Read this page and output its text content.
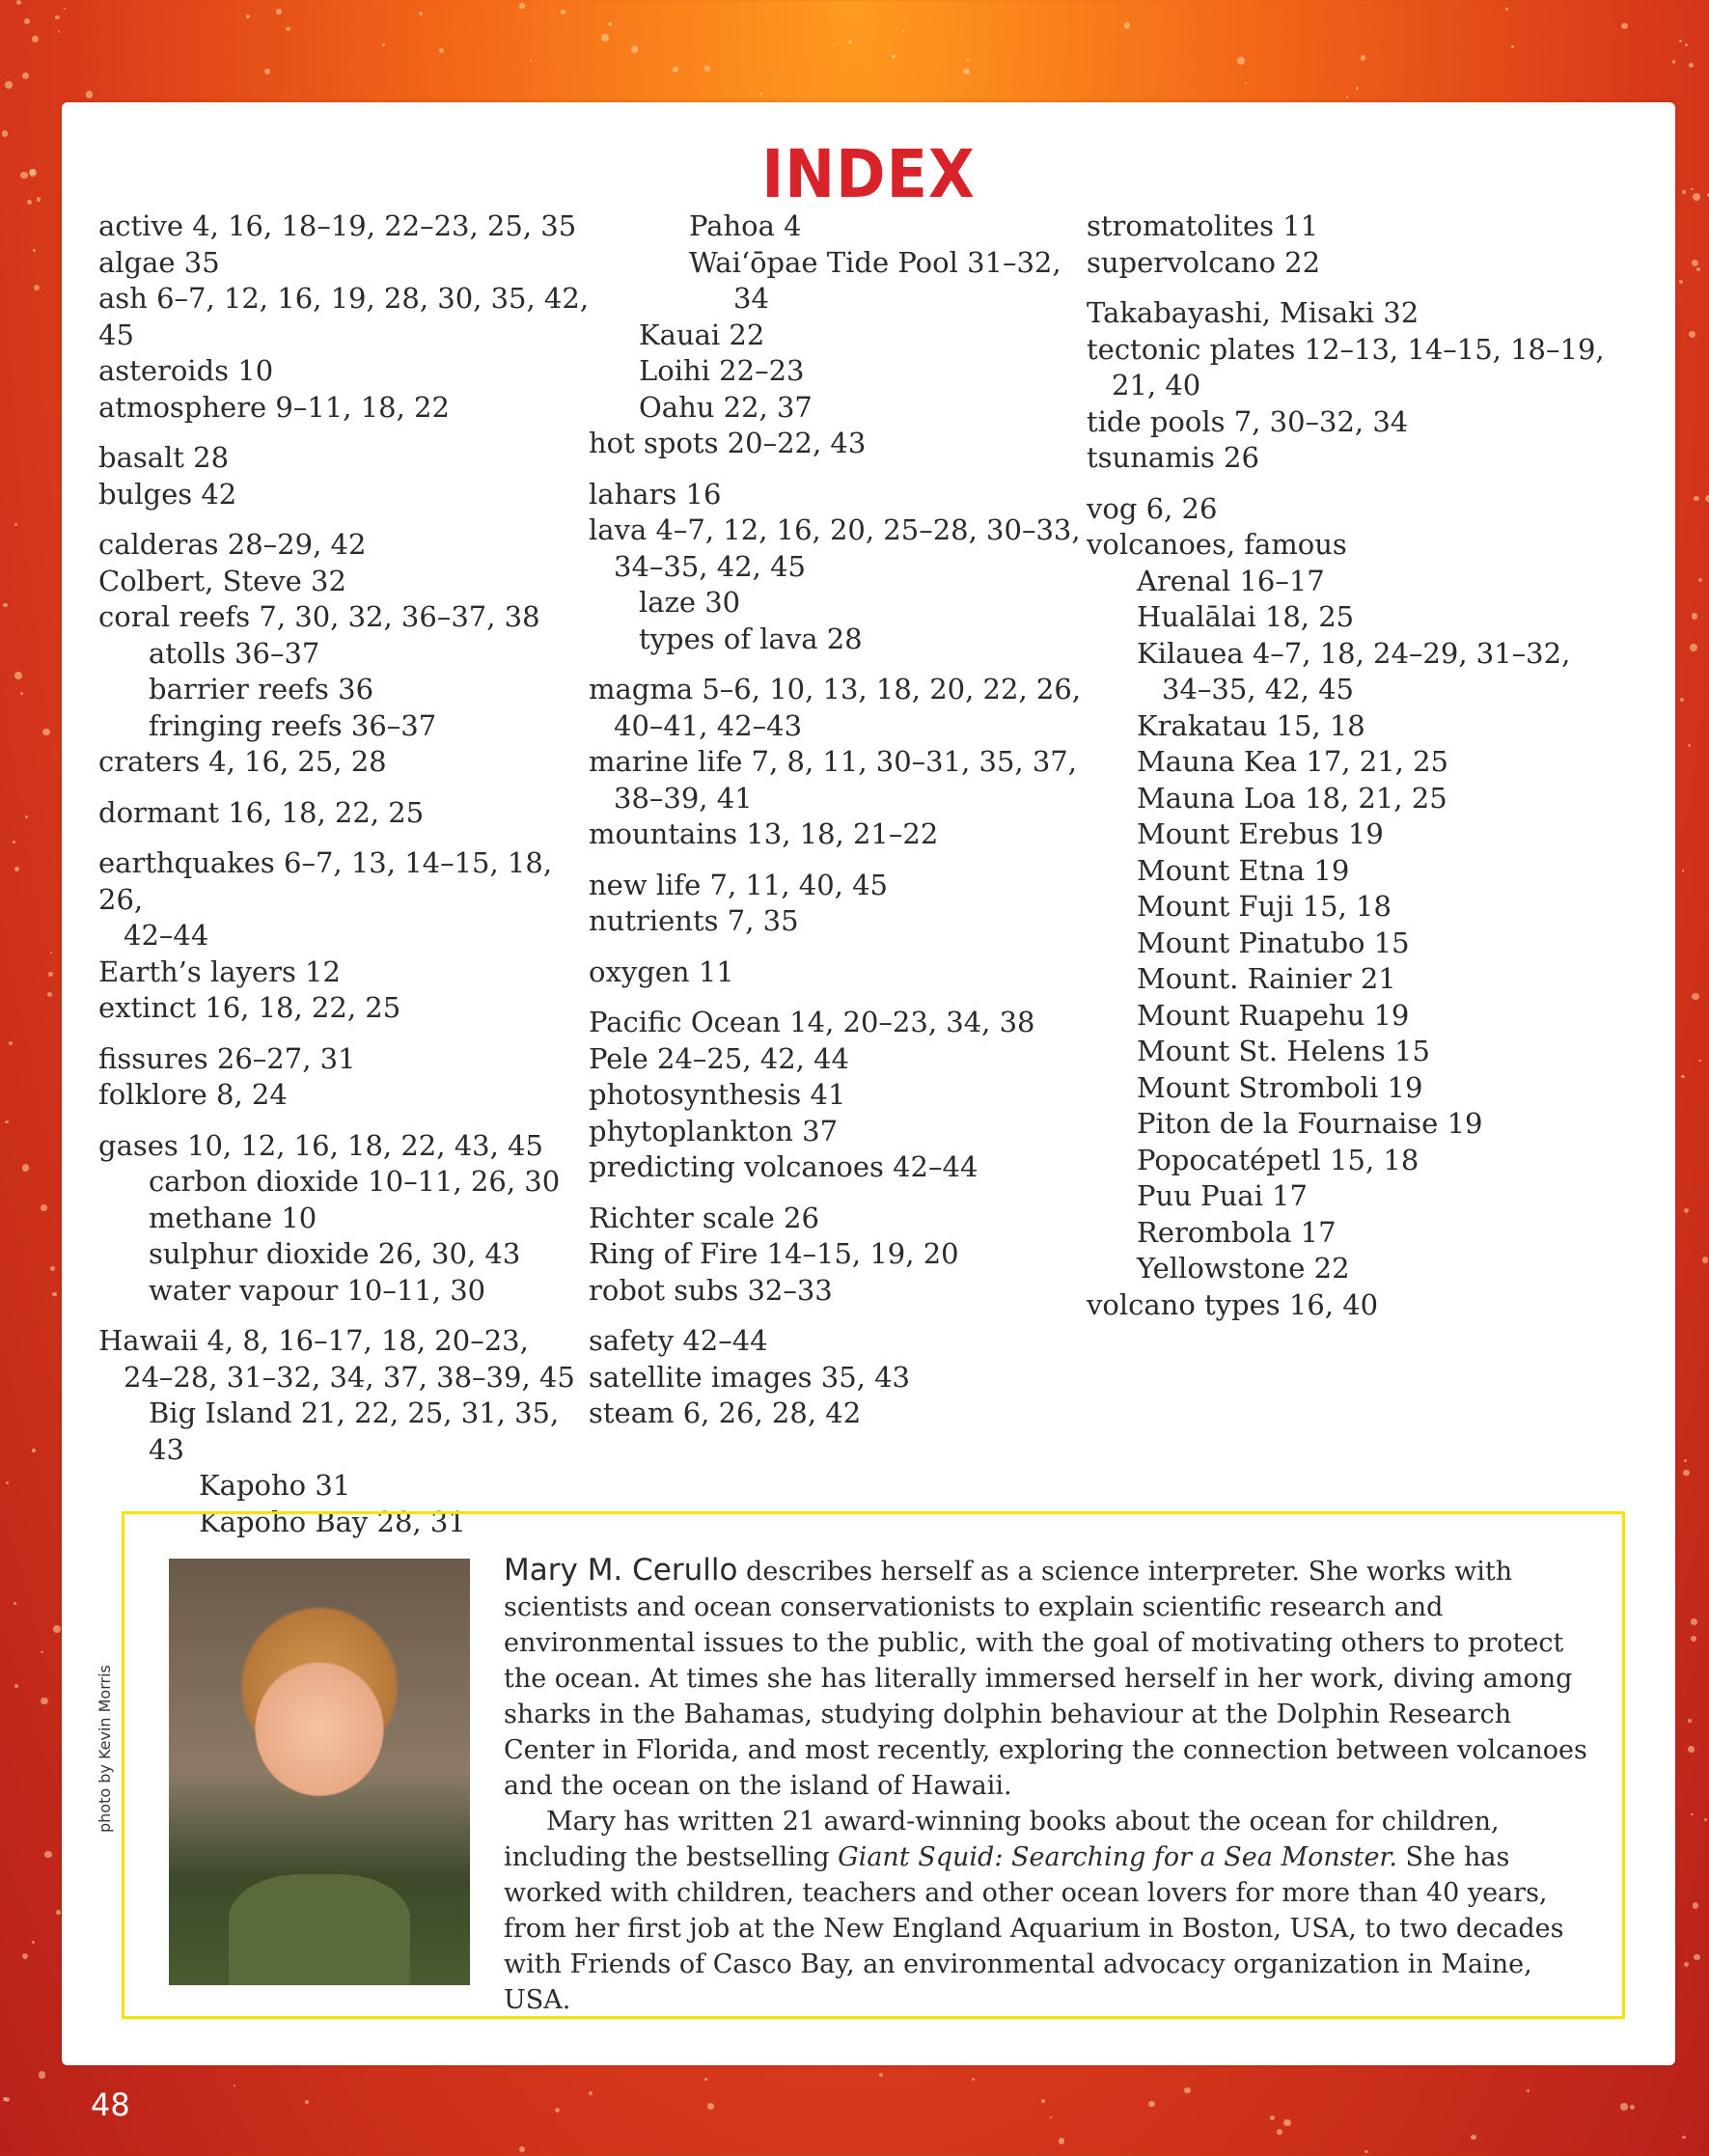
INDEX
active 4, 16, 18–19, 22–23, 25, 35
algae 35
ash 6–7, 12, 16, 19, 28, 30, 35, 42, 45
asteroids 10
atmosphere 9–11, 18, 22
basalt 28
bulges 42
calderas 28–29, 42
Colbert, Steve 32
coral reefs 7, 30, 32, 36–37, 38
atolls 36–37
barrier reefs 36
fringing reefs 36–37
craters 4, 16, 25, 28
dormant 16, 18, 22, 25
earthquakes 6–7, 13, 14–15, 18, 26,
42–44
Earth’s layers 12
extinct 16, 18, 22, 25
fissures 26–27, 31
folklore 8, 24
gases 10, 12, 16, 18, 22, 43, 45
carbon dioxide 10–11, 26, 30
methane 10
sulphur dioxide 26, 30, 43
water vapour 10–11, 30
Hawaii 4, 8, 16–17, 18, 20–23,
24–28, 31–32, 34, 37, 38–39, 45
Big Island 21, 22, 25, 31, 35, 43
Kapoho 31
Kapoho Bay 28, 31
Pahoa 4
Wai‘ōpae Tide Pool 31–32,
34
Kauai 22
Loihi 22–23
Oahu 22, 37
hot spots 20–22, 43
lahars 16
lava 4–7, 12, 16, 20, 25–28, 30–33,
34–35, 42, 45
laze 30
types of lava 28
magma 5–6, 10, 13, 18, 20, 22, 26,
40–41, 42–43
marine life 7, 8, 11, 30–31, 35, 37,
38–39, 41
mountains 13, 18, 21–22
new life 7, 11, 40, 45
nutrients 7, 35
oxygen 11
Pacific Ocean 14, 20–23, 34, 38
Pele 24–25, 42, 44
photosynthesis 41
phytoplankton 37
predicting volcanoes 42–44
Richter scale 26
Ring of Fire 14–15, 19, 20
robot subs 32–33
safety 42–44
satellite images 35, 43
steam 6, 26, 28, 42
stromatolites 11
supervolcano 22
Takabayashi, Misaki 32
tectonic plates 12–13, 14–15, 18–19,
21, 40
tide pools 7, 30–32, 34
tsunamis 26
vog 6, 26
volcanoes, famous
Arenal 16–17
Hualālai 18, 25
Kilauea 4–7, 18, 24–29, 31–32,
34–35, 42, 45
Krakatau 15, 18
Mauna Kea 17, 21, 25
Mauna Loa 18, 21, 25
Mount Erebus 19
Mount Etna 19
Mount Fuji 15, 18
Mount Pinatubo 15
Mount. Rainier 21
Mount Ruapehu 19
Mount St. Helens 15
Mount Stromboli 19
Piton de la Fournaise 19
Popocatépetl 15, 18
Puu Puai 17
Rerombola 17
Yellowstone 22
volcano types 16, 40
photo by Kevin Morris

Mary M. Cerullo describes herself as a science interpreter. She works with scientists and ocean conservationists to explain scientific research and environmental issues to the public, with the goal of motivating others to protect the ocean. At times she has literally immersed herself in her work, diving among sharks in the Bahamas, studying dolphin behaviour at the Dolphin Research Center in Florida, and most recently, exploring the connection between volcanoes and the ocean on the island of Hawaii.

Mary has written 21 award-winning books about the ocean for children, including the bestselling Giant Squid: Searching for a Sea Monster. She has worked with children, teachers and other ocean lovers for more than 40 years, from her first job at the New England Aquarium in Boston, USA, to two decades with Friends of Casco Bay, an environmental advocacy organization in Maine, USA.

48
